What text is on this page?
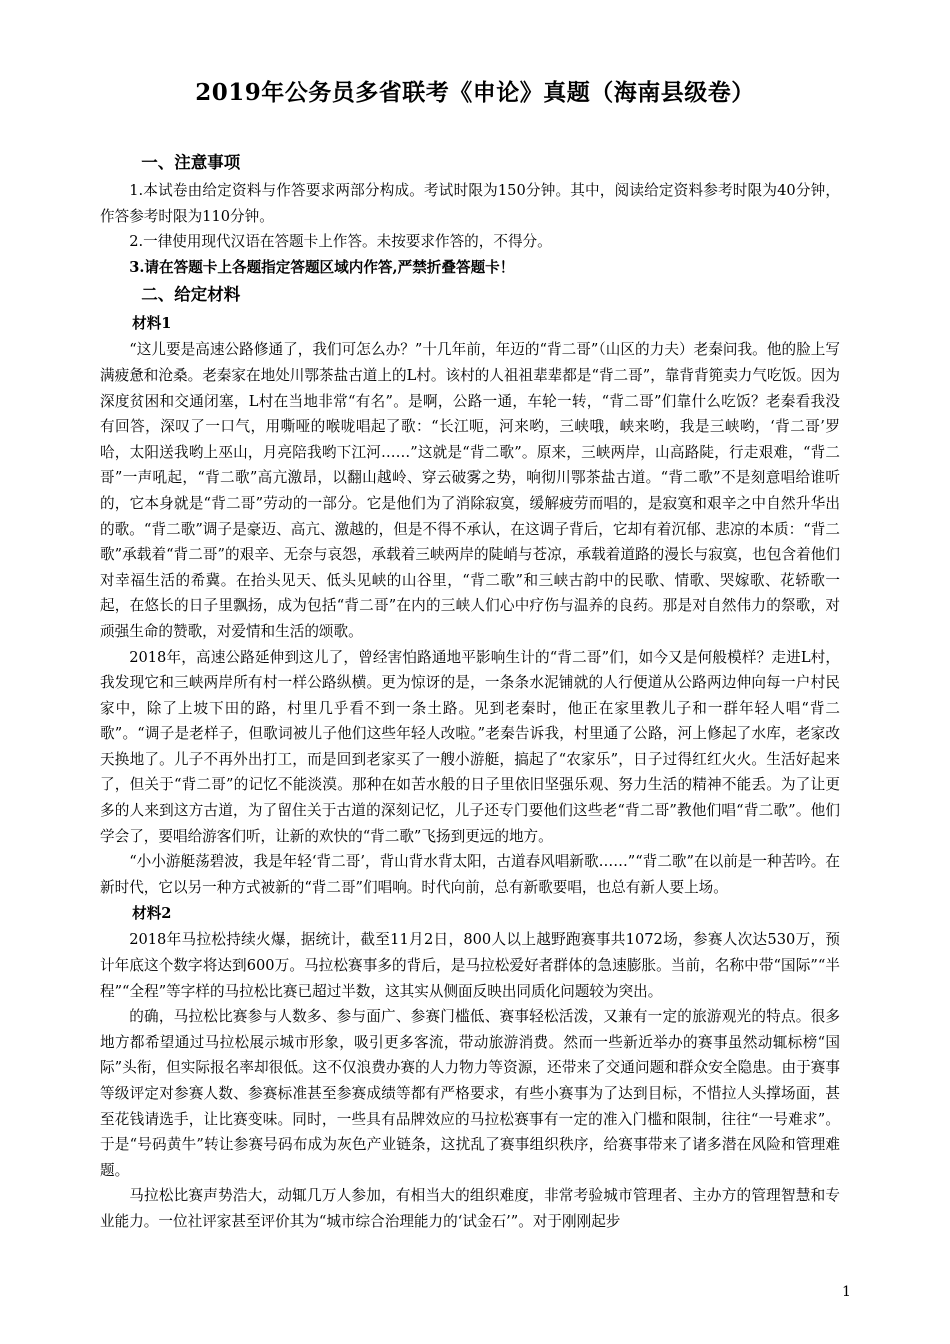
2019年公务员多省联考《申论》真题（海南县级卷）
一、注意事项

1.本试卷由给定资料与作答要求两部分构成。考试时限为150分钟。其中，阅读给定资料参考时限为40分钟，作答参考时限为110分钟。

2.一律使用现代汉语在答题卡上作答。未按要求作答的，不得分。

3.请在答题卡上各题指定答题区域内作答,严禁折叠答题卡！

二、给定材料
材料1

“这儿要是高速公路修通了，我们可怎么办？”十几年前，年迈的“背二哥”（山区的力夫）老秦问我。他的脸上写满疲惫和沧桑。老秦家在地处川鄂茶盐古道上的L村。该村的人祖祖辈辈都是“背二哥”，靠背背篼卖力气吃饭。因为深度贫困和交通闭塞，L村在当地非常“有名”。是啊，公路一通，车轮一转，“背二哥”们靠什么吃饭？老秦看我没有回答，深叹了一口气，用嘶哑的喉咙唱起了歌：“长江呃，河来哟，三峡哦，峡来哟，我是三峡哟，‘背二哥’罗哈，太阳送我哟上巫山，月亮陪我哟下江河……”这就是“背二歌”。原来，三峡两岸，山高路陡，行走艰难，“背二哥”一声吼起，“背二歌”高亢激昂，以翻山越岭、穿云破雾之势，响彻川鄂茶盐古道。“背二歌”不是刻意唱给谁听的，它本身就是“背二哥”劳动的一部分。它是他们为了消除寂寞，缓解疲劳而唱的，是寂寞和艰辛之中自然升华出的歌。“背二歌”调子是豪迈、高亢、激越的，但是不得不承认，在这调子背后，它却有着沉郁、悲凉的本质：“背二歌”承载着“背二哥”的艰辛、无奈与哀怨，承载着三峡两岸的陡峭与苍凉，承载着道路的漫长与寂寞，也包含着他们对幸福生活的希冀。在抬头见天、低头见峡的山谷里，“背二歌”和三峡古韵中的民歌、情歌、哭嫁歌、花轿歌一起，在悠长的日子里飘扬，成为包括“背二哥”在内的三峡人们心中疗伤与温养的良药。那是对自然伟力的祭歌，对顽强生命的赞歌，对爱情和生活的颂歌。

2018年，高速公路延伸到这儿了，曾经害怕路通地平影响生计的“背二哥”们，如今又是何般模样？走进L村，我发现它和三峡两岸所有村一样公路纵横。更为惊讶的是，一条条水泥铺就的人行便道从公路两边伸向每一户村民家中，除了上坡下田的路，村里几乎看不到一条土路。见到老秦时，他正在家里教儿子和一群年轻人唱“背二歌”。“调子是老样子，但歌词被儿子他们这些年轻人改啦。”老秦告诉我，村里通了公路，河上修起了水库，老家改天换地了。儿子不再外出打工，而是回到老家买了一艘小游艇，搞起了“农家乐”，日子过得红红火火。生活好起来了，但关于“背二哥”的记忆不能淡漠。那种在如苦水般的日子里依旧坚强乐观、努力生活的精神不能丢。为了让更多的人来到这方古道，为了留住关于古道的深刻记忆，儿子还专门要他们这些老“背二哥”教他们唱“背二歌”。他们学会了，要唱给游客们听，让新的欢快的“背二歌”飞扬到更远的地方。

“小小游艇荡碧波，我是年轻‘背二哥’，背山背水背太阳，古道春风唱新歌……”“背二歌”在以前是一种苦吟。在新时代，它以另一种方式被新的“背二哥”们唱响。时代向前，总有新歌要唱，也总有新人要上场。

材料2

2018年马拉松持续火爆，据统计，截至11月2日，800人以上越野跑赛事共1072场，参赛人次达530万，预计年底这个数字将达到600万。马拉松赛事多的背后，是马拉松爱好者群体的急速膨胀。当前，名称中带“国际”“半程”“全程”等字样的马拉松比赛已超过半数，这其实从侧面反映出同质化问题较为突出。

的确，马拉松比赛参与人数多、参与面广、参赛门槛低、赛事轻松活泼，又兼有一定的旅游观光的特点。很多地方都希望通过马拉松展示城市形象，吸引更多客流，带动旅游消费。然而一些新近举办的赛事虽然动辄标榜“国际”头衔，但实际报名率却很低。这不仅浪费办赛的人力物力等资源，还带来了交通问题和群众安全隐患。由于赛事等级评定对参赛人数、参赛标准甚至参赛成绩等都有严格要求，有些小赛事为了达到目标，不惜拉人头撑场面，甚至花钱请选手，让比赛变味。同时，一些具有品牌效应的马拉松赛事有一定的准入门槛和限制，往往“一号难求”。于是“号码黄牛”转让参赛号码布成为灰色产业链条，这扰乱了赛事组织秩序，给赛事带来了诸多潜在风险和管理难题。

马拉松比赛声势浩大，动辄几万人参加，有相当大的组织难度，非常考验城市管理者、主办方的管理智慧和专业能力。一位社评家甚至评价其为“城市综合治理能力的‘试金石’”。对于刚刚起步

1
